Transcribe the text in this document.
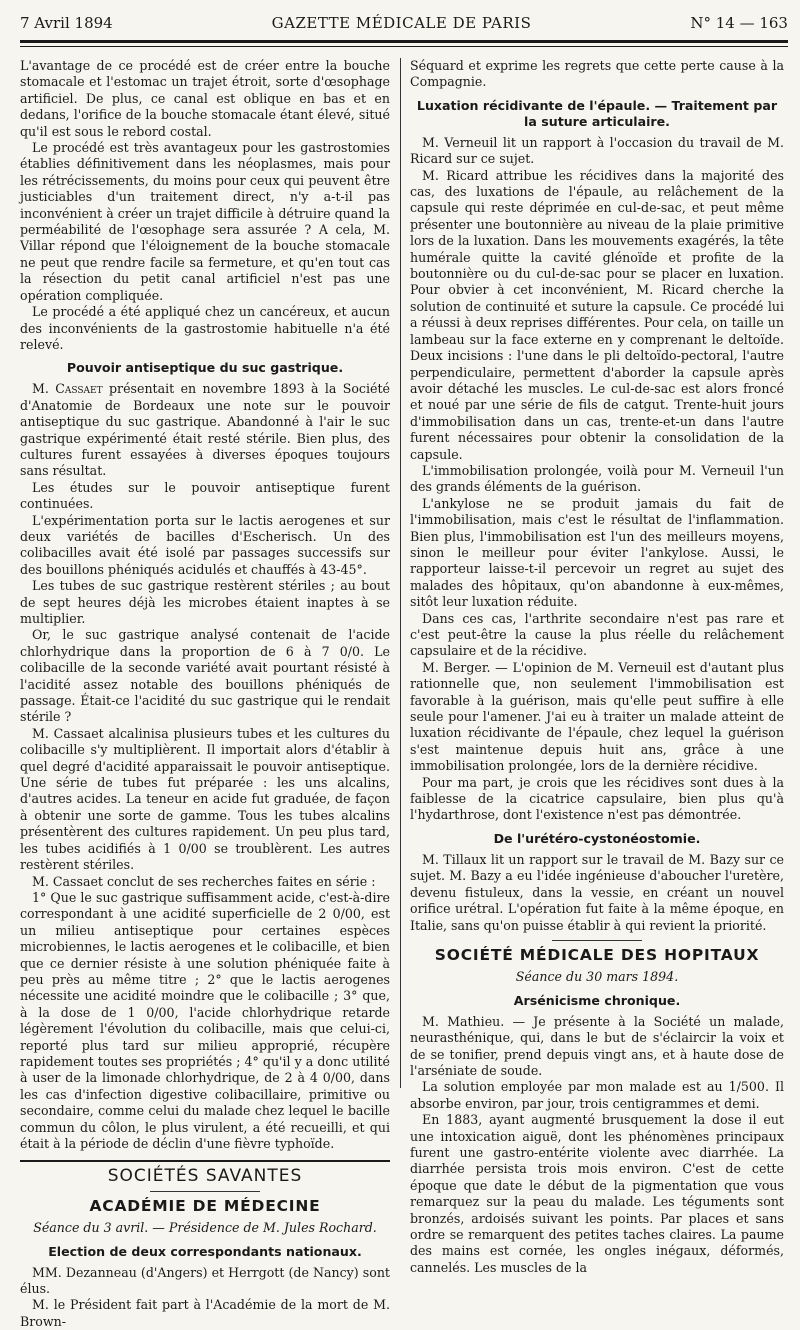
7 Avril 1894	GAZETTE MÉDICALE DE PARIS	N° 14 — 163

L'avantage de ce procédé est de créer entre la bouche stomacale et l'estomac un trajet étroit, sorte d'œsophage artificiel. De plus, ce canal est oblique en bas et en dedans, l'orifice de la bouche stomacale étant élevé, situé qu'il est sous le rebord costal.

Le procédé est très avantageux pour les gastrostomies établies définitivement dans les néoplasmes, mais pour les rétrécissements, du moins pour ceux qui peuvent être justiciables d'un traitement direct, n'y a-t-il pas inconvénient à créer un trajet difficile à détruire quand la perméabilité de l'œsophage sera assurée ? A cela, M. Villar répond que l'éloignement de la bouche stomacale ne peut que rendre facile sa fermeture, et qu'en tout cas la résection du petit canal artificiel n'est pas une opération compliquée.

Le procédé a été appliqué chez un cancéreux, et aucun des inconvénients de la gastrostomie habituelle n'a été relevé.

Pouvoir antiseptique du suc gastrique.

M. Cassaet présentait en novembre 1893 à la Société d'Anatomie de Bordeaux une note sur le pouvoir antiseptique du suc gastrique. Abandonné à l'air le suc gastrique expérimenté était resté stérile. Bien plus, des cultures furent essayées à diverses époques toujours sans résultat.

Les études sur le pouvoir antiseptique furent continuées.

L'expérimentation porta sur le lactis aerogenes et sur deux variétés de bacilles d'Escherisch. Un des colibacilles avait été isolé par passages successifs sur des bouillons phéniqués acidulés et chauffés à 43-45°.

Les tubes de suc gastrique restèrent stériles ; au bout de sept heures déjà les microbes étaient inaptes à se multiplier.

Or, le suc gastrique analysé contenait de l'acide chlorhydrique dans la proportion de 6 à 7 0/0. Le colibacille de la seconde variété avait pourtant résisté à l'acidité assez notable des bouillons phéniqués de passage. Était-ce l'acidité du suc gastrique qui le rendait stérile ?

M. Cassaet alcalinisa plusieurs tubes et les cultures du colibacille s'y multiplièrent. Il importait alors d'établir à quel degré d'acidité apparaissait le pouvoir antiseptique. Une série de tubes fut préparée : les uns alcalins, d'autres acides. La teneur en acide fut graduée, de façon à obtenir une sorte de gamme. Tous les tubes alcalins présentèrent des cultures rapidement. Un peu plus tard, les tubes acidifiés à 1 0/00 se troublèrent. Les autres restèrent stériles.

M. Cassaet conclut de ses recherches faites en série :

1° Que le suc gastrique suffisamment acide, c'est-à-dire correspondant à une acidité superficielle de 2 0/00, est un milieu antiseptique pour certaines espèces microbiennes, le lactis aerogenes et le colibacille, et bien que ce dernier résiste à une solution phéniquée faite à peu près au même titre ; 2° que le lactis aerogenes nécessite une acidité moindre que le colibacille ; 3° que, à la dose de 1 0/00, l'acide chlorhydrique retarde légèrement l'évolution du colibacille, mais que celui-ci, reporté plus tard sur milieu approprié, récupère rapidement toutes ses propriétés ; 4° qu'il y a donc utilité à user de la limonade chlorhydrique, de 2 à 4 0/00, dans les cas d'infection digestive colibacillaire, primitive ou secondaire, comme celui du malade chez lequel le bacille commun du côlon, le plus virulent, a été recueilli, et qui était à la période de déclin d'une fièvre typhoïde.

SOCIÉTÉS SAVANTES
ACADÉMIE DE MÉDECINE
Séance du 3 avril. — Présidence de M. Jules Rochard.
Election de deux correspondants nationaux.

MM. Dezanneau (d'Angers) et Herrgott (de Nancy) sont élus.

M. le Président fait part à l'Académie de la mort de M. Brown-

Séquard et exprime les regrets que cette perte cause à la Compagnie.

Luxation récidivante de l'épaule. — Traitement par la suture articulaire.

M. Verneuil lit un rapport à l'occasion du travail de M. Ricard sur ce sujet.

M. Ricard attribue les récidives dans la majorité des cas, des luxations de l'épaule, au relâchement de la capsule qui reste déprimée en cul-de-sac, et peut même présenter une boutonnière au niveau de la plaie primitive lors de la luxation. Dans les mouvements exagérés, la tête humérale quitte la cavité glénoïde et profite de la boutonnière ou du cul-de-sac pour se placer en luxation. Pour obvier à cet inconvénient, M. Ricard cherche la solution de continuité et suture la capsule. Ce procédé lui a réussi à deux reprises différentes. Pour cela, on taille un lambeau sur la face externe en y comprenant le deltoïde. Deux incisions : l'une dans le pli deltoïdo-pectoral, l'autre perpendiculaire, permettent d'aborder la capsule après avoir détaché les muscles. Le cul-de-sac est alors froncé et noué par une série de fils de catgut. Trente-huit jours d'immobilisation dans un cas, trente-et-un dans l'autre furent nécessaires pour obtenir la consolidation de la capsule.

L'immobilisation prolongée, voilà pour M. Verneuil l'un des grands éléments de la guérison.

L'ankylose ne se produit jamais du fait de l'immobilisation, mais c'est le résultat de l'inflammation. Bien plus, l'immobilisation est l'un des meilleurs moyens, sinon le meilleur pour éviter l'ankylose. Aussi, le rapporteur laisse-t-il percevoir un regret au sujet des malades des hôpitaux, qu'on abandonne à eux-mêmes, sitôt leur luxation réduite.

Dans ces cas, l'arthrite secondaire n'est pas rare et c'est peut-être la cause la plus réelle du relâchement capsulaire et de la récidive.

M. Berger. — L'opinion de M. Verneuil est d'autant plus rationnelle que, non seulement l'immobilisation est favorable à la guérison, mais qu'elle peut suffire à elle seule pour l'amener. J'ai eu à traiter un malade atteint de luxation récidivante de l'épaule, chez lequel la guérison s'est maintenue depuis huit ans, grâce à une immobilisation prolongée, lors de la dernière récidive.

Pour ma part, je crois que les récidives sont dues à la faiblesse de la cicatrice capsulaire, bien plus qu'à l'hydarthrose, dont l'existence n'est pas démontrée.

De l'urétéro-cystonéostomie.

M. Tillaux lit un rapport sur le travail de M. Bazy sur ce sujet. M. Bazy a eu l'idée ingénieuse d'aboucher l'uretère, devenu fistuleux, dans la vessie, en créant un nouvel orifice urétral. L'opération fut faite à la même époque, en Italie, sans qu'on puisse établir à qui revient la priorité.

SOCIÉTÉ MÉDICALE DES HOPITAUX
Séance du 30 mars 1894.
Arsénicisme chronique.

M. Mathieu. — Je présente à la Société un malade, neurasthénique, qui, dans le but de s'éclaircir la voix et de se tonifier, prend depuis vingt ans, et à haute dose de l'arséniate de soude.

La solution employée par mon malade est au 1/500. Il absorbe environ, par jour, trois centigrammes et demi.

En 1883, ayant augmenté brusquement la dose il eut une intoxication aiguë, dont les phénomènes principaux furent une gastro-entérite violente avec diarrhée. La diarrhée persista trois mois environ. C'est de cette époque que date le début de la pigmentation que vous remarquez sur la peau du malade. Les téguments sont bronzés, ardoisés suivant les points. Par places et sans ordre se remarquent des petites taches claires. La paume des mains est cornée, les ongles inégaux, déformés, cannelés. Les muscles de la
